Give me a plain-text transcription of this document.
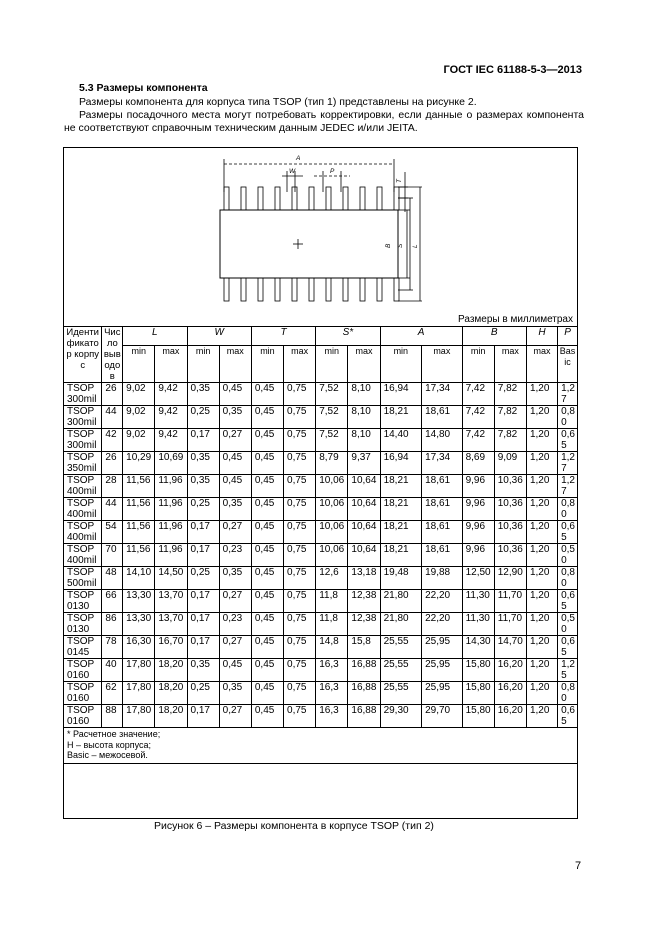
ГОСТ IEC 61188-5-3—2013
5.3 Размеры компонента
Размеры компонента для корпуса типа TSOP (тип 1) представлены на рисунке 2.
Размеры посадочного места могут потребовать корректировки, если данные о размерах компонента не соответствуют справочным техническим данным JEDEC и/или JEITA.
A
W	P
T
B S L
Размеры в миллиметрах
Идентификатор корпус	Число выводов	L		W		T		S*		A		B		H	P
		min	max	min	max	min	max	min	max	min	max	min	max	max	Basic
TSOP 300mil	26	9,02	9,42	0,35	0,45	0,45	0,75	7,52	8,10	16,94	17,34	7,42	7,82	1,20	1,27
TSOP 300mil	44	9,02	9,42	0,25	0,35	0,45	0,75	7,52	8,10	18,21	18,61	7,42	7,82	1,20	0,80
TSOP 300mil	42	9,02	9,42	0,17	0,27	0,45	0,75	7,52	8,10	14,40	14,80	7,42	7,82	1,20	0,65
TSOP 350mil	26	10,29	10,69	0,35	0,45	0,45	0,75	8,79	9,37	16,94	17,34	8,69	9,09	1,20	1,27
TSOP 400mil	28	11,56	11,96	0,35	0,45	0,45	0,75	10,06	10,64	18,21	18,61	9,96	10,36	1,20	1,27
TSOP 400mil	44	11,56	11,96	0,25	0,35	0,45	0,75	10,06	10,64	18,21	18,61	9,96	10,36	1,20	0,80
TSOP 400mil	54	11,56	11,96	0,17	0,27	0,45	0,75	10,06	10,64	18,21	18,61	9,96	10,36	1,20	0,65
TSOP 400mil	70	11,56	11,96	0,17	0,23	0,45	0,75	10,06	10,64	18,21	18,61	9,96	10,36	1,20	0,50
TSOP 500mil	48	14,10	14,50	0,25	0,35	0,45	0,75	12,6	13,18	19,48	19,88	12,50	12,90	1,20	0,80
TSOP 0130	66	13,30	13,70	0,17	0,27	0,45	0,75	11,8	12,38	21,80	22,20	11,30	11,70	1,20	0,65
TSOP 0130	86	13,30	13,70	0,17	0,23	0,45	0,75	11,8	12,38	21,80	22,20	11,30	11,70	1,20	0,50
TSOP 0145	78	16,30	16,70	0,17	0,27	0,45	0,75	14,8	15,8	25,55	25,95	14,30	14,70	1,20	0,65
TSOP 0160	40	17,80	18,20	0,35	0,45	0,45	0,75	16,3	16,88	25,55	25,95	15,80	16,20	1,20	1,25
TSOP 0160	62	17,80	18,20	0,25	0,35	0,45	0,75	16,3	16,88	25,55	25,95	15,80	16,20	1,20	0,80
TSOP 0160	88	17,80	18,20	0,17	0,27	0,45	0,75	16,3	16,88	29,30	29,70	15,80	16,20	1,20	0,65

* Расчетное значение;
H – высота корпуса;
Basic – межосевой.															
Рисунок 6 – Размеры компонента в корпусе TSOP (тип 2)
7
